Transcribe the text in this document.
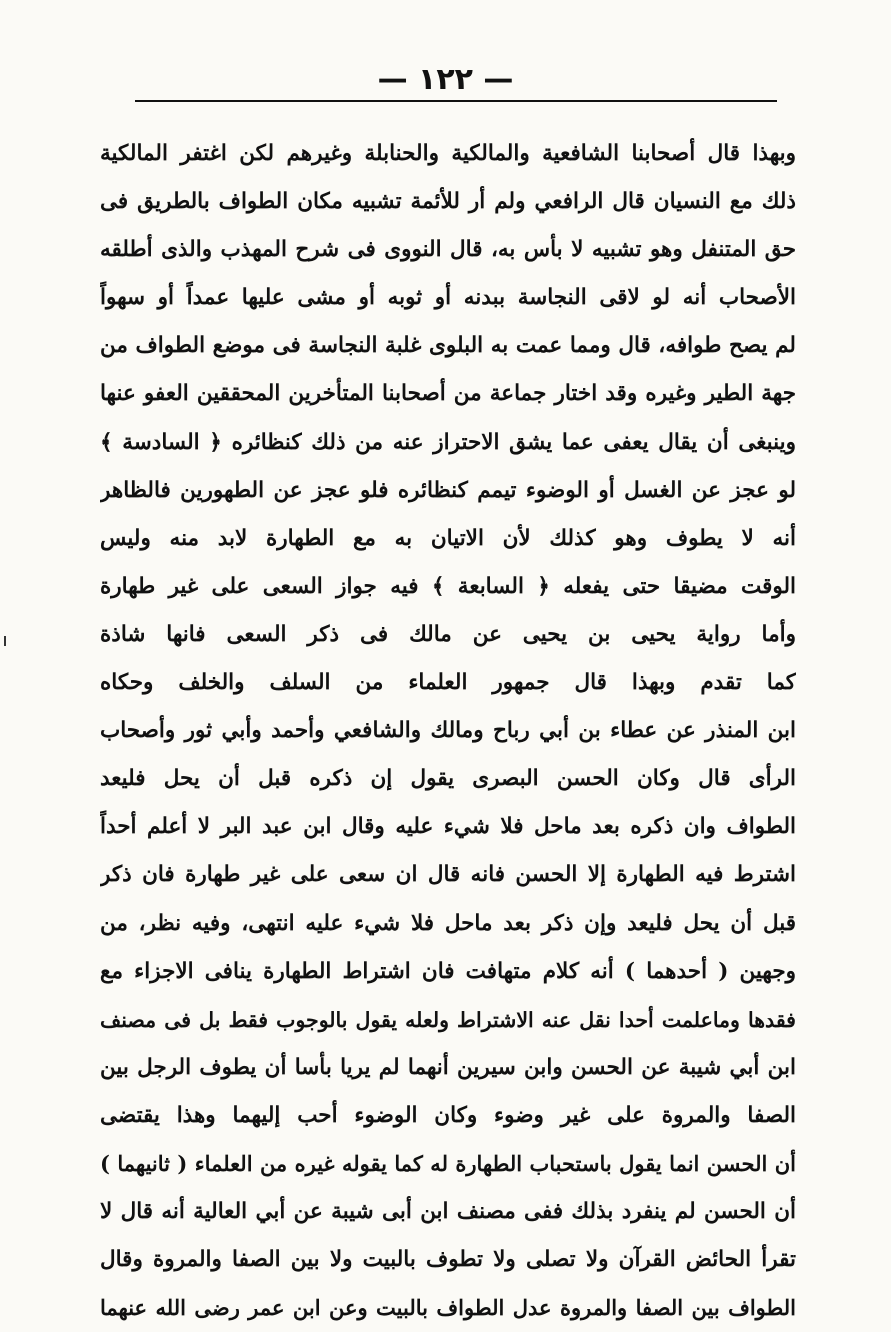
— ١٢٢ —
وبهذا قال أصحابنا الشافعية والمالكية والحنابلة وغيرهم لكن اغتفر المالكية
ذلك مع النسيان قال الرافعي ولم أر للأئمة تشبيه مكان الطواف بالطريق فى
حق المتنفل وهو تشبيه لا بأس به، قال النووى فى شرح المهذب والذى أطلقه
الأصحاب أنه لو لاقى النجاسة ببدنه أو ثوبه أو مشى عليها عمداً أو سهواً
لم يصح طوافه، قال ومما عمت به البلوى غلبة النجاسة فى موضع الطواف من
جهة الطير وغيره وقد اختار جماعة من أصحابنا المتأخرين المحققين العفو عنها
وينبغى أن يقال يعفى عما يشق الاحتراز عنه من ذلك كنظائره ﴿ السادسة ﴾
لو عجز عن الغسل أو الوضوء تيمم كنظائره فلو عجز عن الطهورين فالظاهر
أنه لا يطوف وهو كذلك لأن الاتيان به مع الطهارة لابد منه وليس
الوقت مضيقا حتى يفعله ﴿ السابعة ﴾ فيه جواز السعى على غير طهارة
وأما رواية يحيى بن يحيى عن مالك فى ذكر السعى فانها شاذة
كما تقدم وبهذا قال جمهور العلماء من السلف والخلف وحكاه
ابن المنذر عن عطاء بن أبي رباح ومالك والشافعي وأحمد وأبي ثور وأصحاب
الرأى قال وكان الحسن البصرى يقول إن ذكره قبل أن يحل فليعد
الطواف وان ذكره بعد ماحل فلا شيء عليه وقال ابن عبد البر لا أعلم أحداً
اشترط فيه الطهارة إلا الحسن فانه قال ان سعى على غير طهارة فان ذكر
قبل أن يحل فليعد وإن ذكر بعد ماحل فلا شيء عليه انتهى، وفيه نظر، من
وجهين ( أحدهما ) أنه كلام متهافت فان اشتراط الطهارة ينافى الاجزاء مع
فقدها وماعلمت أحدا نقل عنه الاشتراط ولعله يقول بالوجوب فقط بل فى مصنف
ابن أبي شيبة عن الحسن وابن سيرين أنهما لم يريا بأسا أن يطوف الرجل بين
الصفا والمروة على غير وضوء وكان الوضوء أحب إليهما وهذا يقتضى
أن الحسن انما يقول باستحباب الطهارة له كما يقوله غيره من العلماء ( ثانيهما )
أن الحسن لم ينفرد بذلك ففى مصنف ابن أبى شيبة عن أبي العالية أنه قال لا
تقرأ الحائض القرآن ولا تصلى ولا تطوف بالبيت ولا بين الصفا والمروة وقال
الطواف بين الصفا والمروة عدل الطواف بالبيت وعن ابن عمر رضى الله عنهما
